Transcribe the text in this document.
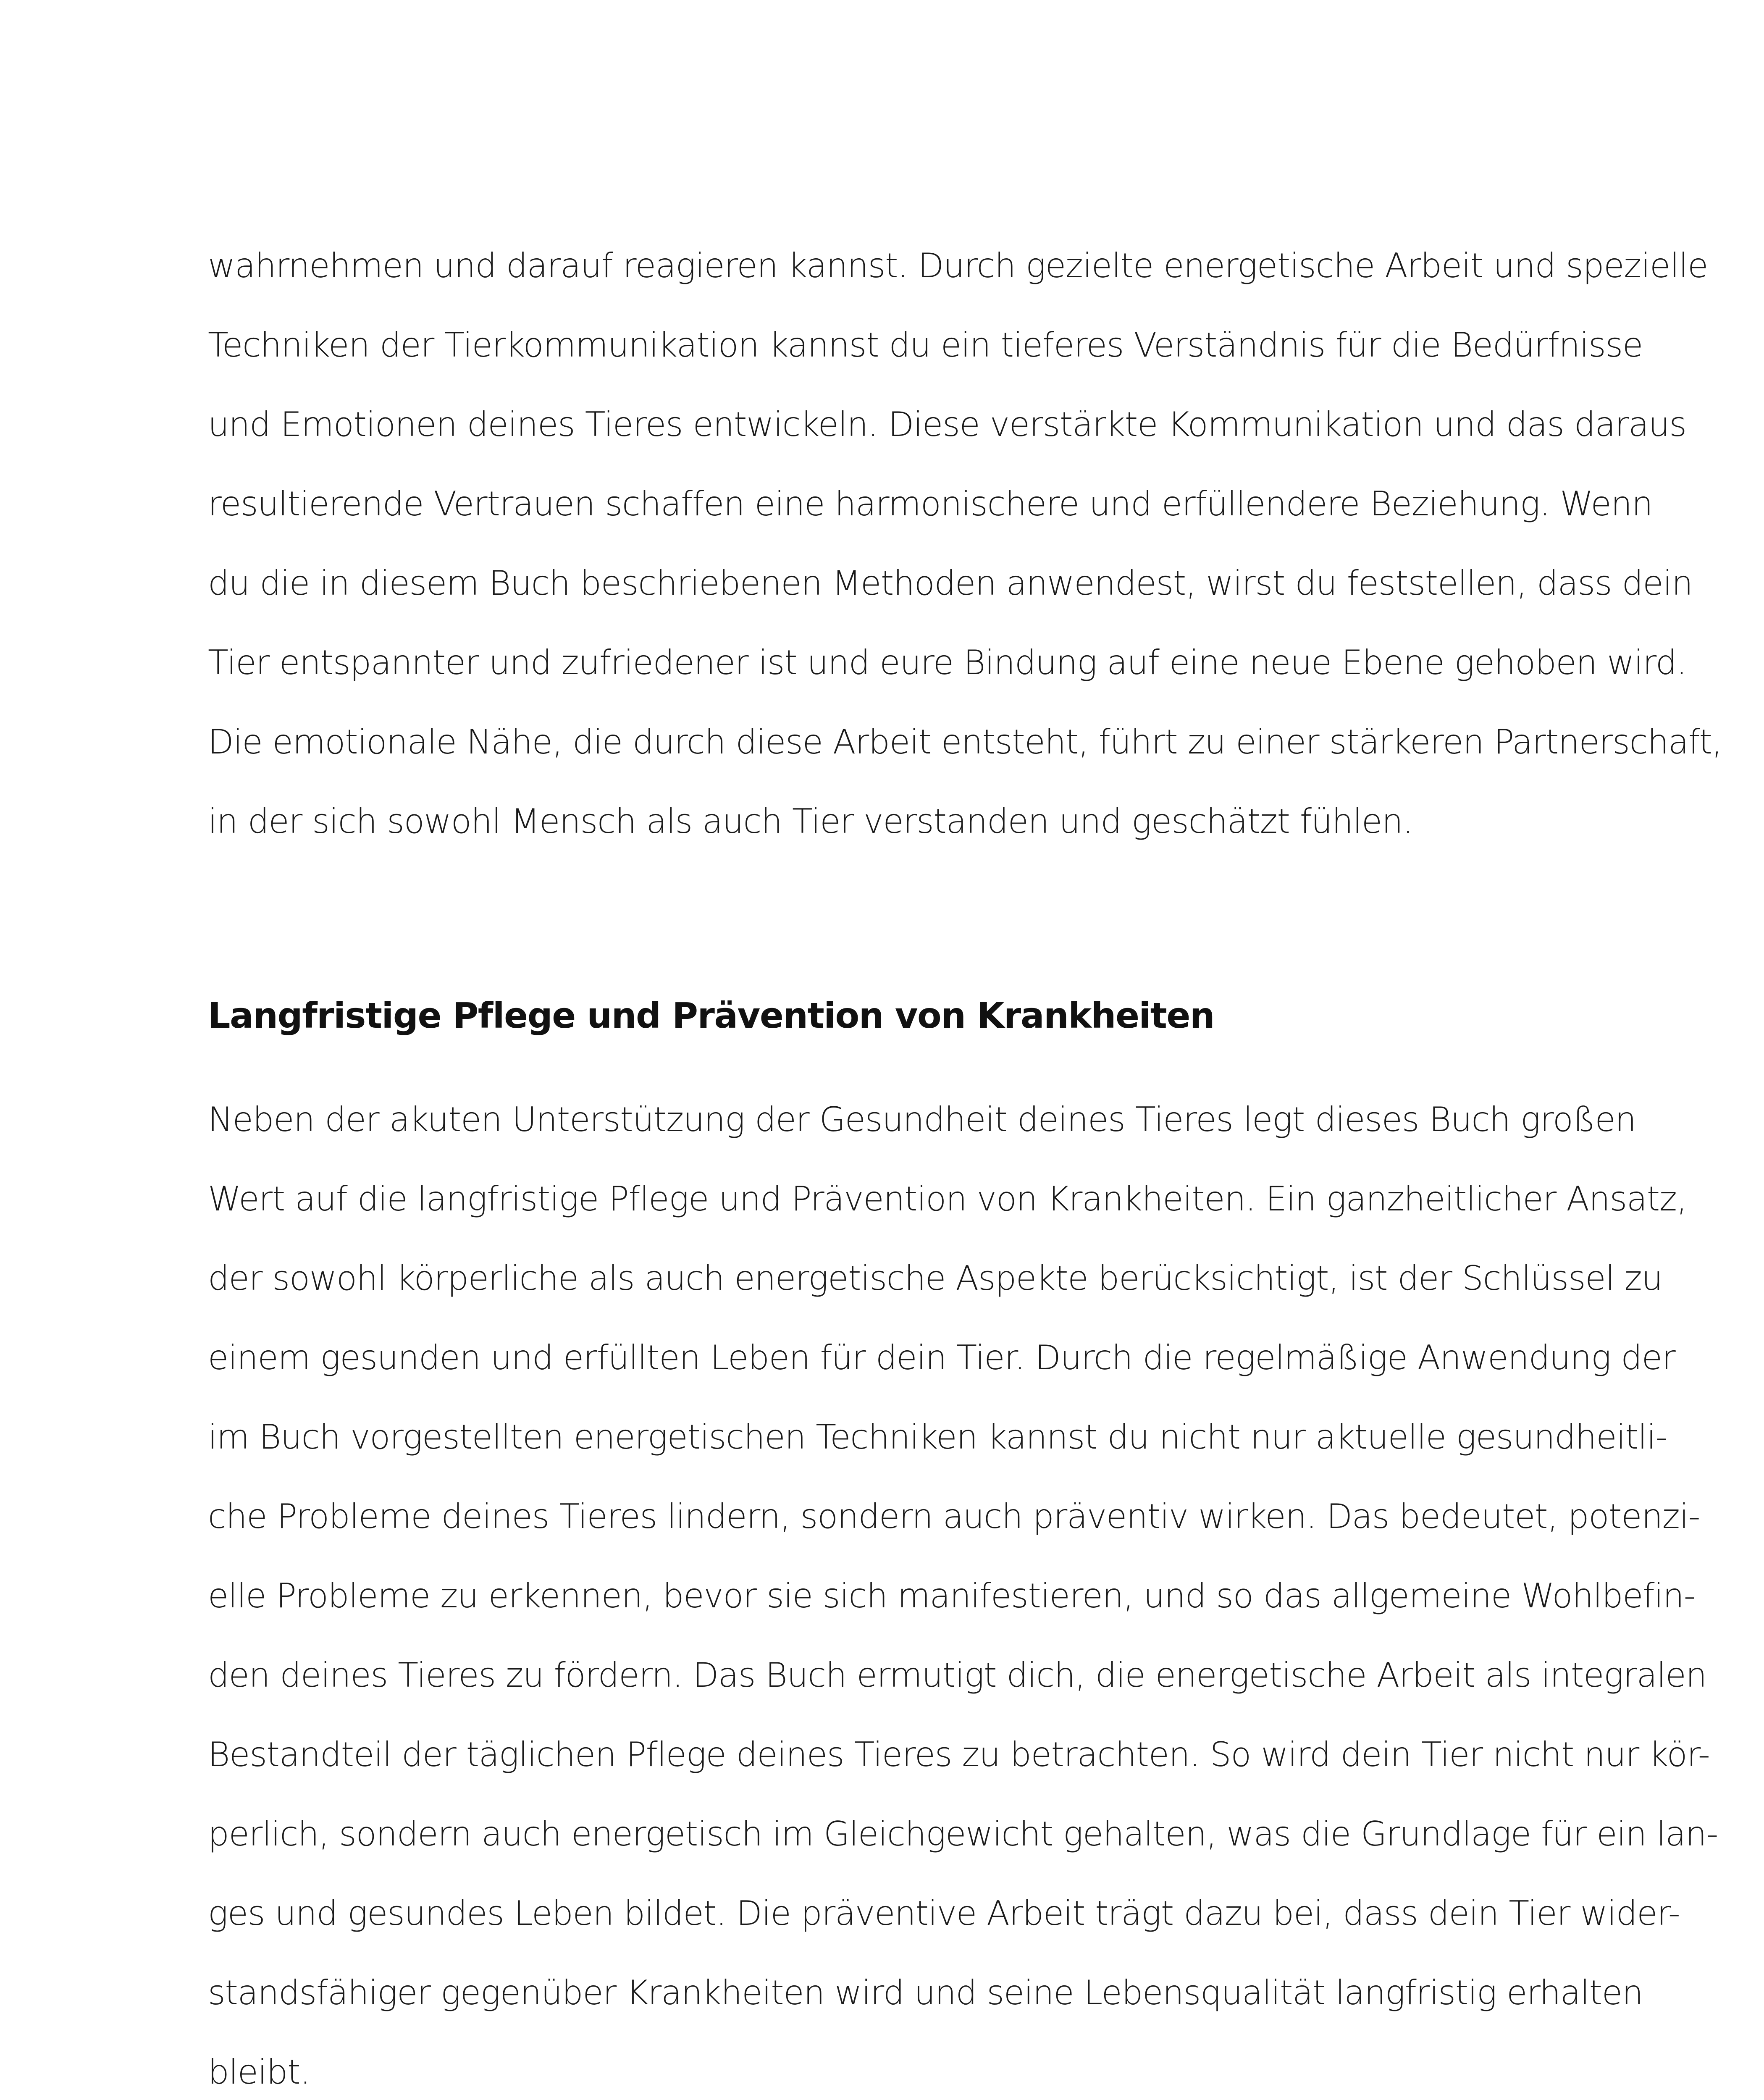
wahrnehmen und darauf reagieren kannst. Durch gezielte energetische Arbeit und spezielle
Techniken der Tierkommunikation kannst du ein tieferes Verständnis für die Bedürfnisse
und Emotionen deines Tieres entwickeln. Diese verstärkte Kommunikation und das daraus
resultierende Vertrauen schaffen eine harmonischere und erfüllendere Beziehung. Wenn
du die in diesem Buch beschriebenen Methoden anwendest, wirst du feststellen, dass dein
Tier entspannter und zufriedener ist und eure Bindung auf eine neue Ebene gehoben wird.
Die emotionale Nähe, die durch diese Arbeit entsteht, führt zu einer stärkeren Partnerschaft,
in der sich sowohl Mensch als auch Tier verstanden und geschätzt fühlen.
Langfristige Pflege und Prävention von Krankheiten
Neben der akuten Unterstützung der Gesundheit deines Tieres legt dieses Buch großen
Wert auf die langfristige Pflege und Prävention von Krankheiten. Ein ganzheitlicher Ansatz,
der sowohl körperliche als auch energetische Aspekte berücksichtigt, ist der Schlüssel zu
einem gesunden und erfüllten Leben für dein Tier. Durch die regelmäßige Anwendung der
im Buch vorgestellten energetischen Techniken kannst du nicht nur aktuelle gesundheitli-
che Probleme deines Tieres lindern, sondern auch präventiv wirken. Das bedeutet, potenzi-
elle Probleme zu erkennen, bevor sie sich manifestieren, und so das allgemeine Wohlbefin-
den deines Tieres zu fördern. Das Buch ermutigt dich, die energetische Arbeit als integralen
Bestandteil der täglichen Pflege deines Tieres zu betrachten. So wird dein Tier nicht nur kör-
perlich, sondern auch energetisch im Gleichgewicht gehalten, was die Grundlage für ein lan-
ges und gesundes Leben bildet. Die präventive Arbeit trägt dazu bei, dass dein Tier wider-
standsfähiger gegenüber Krankheiten wird und seine Lebensqualität langfristig erhalten
bleibt.
